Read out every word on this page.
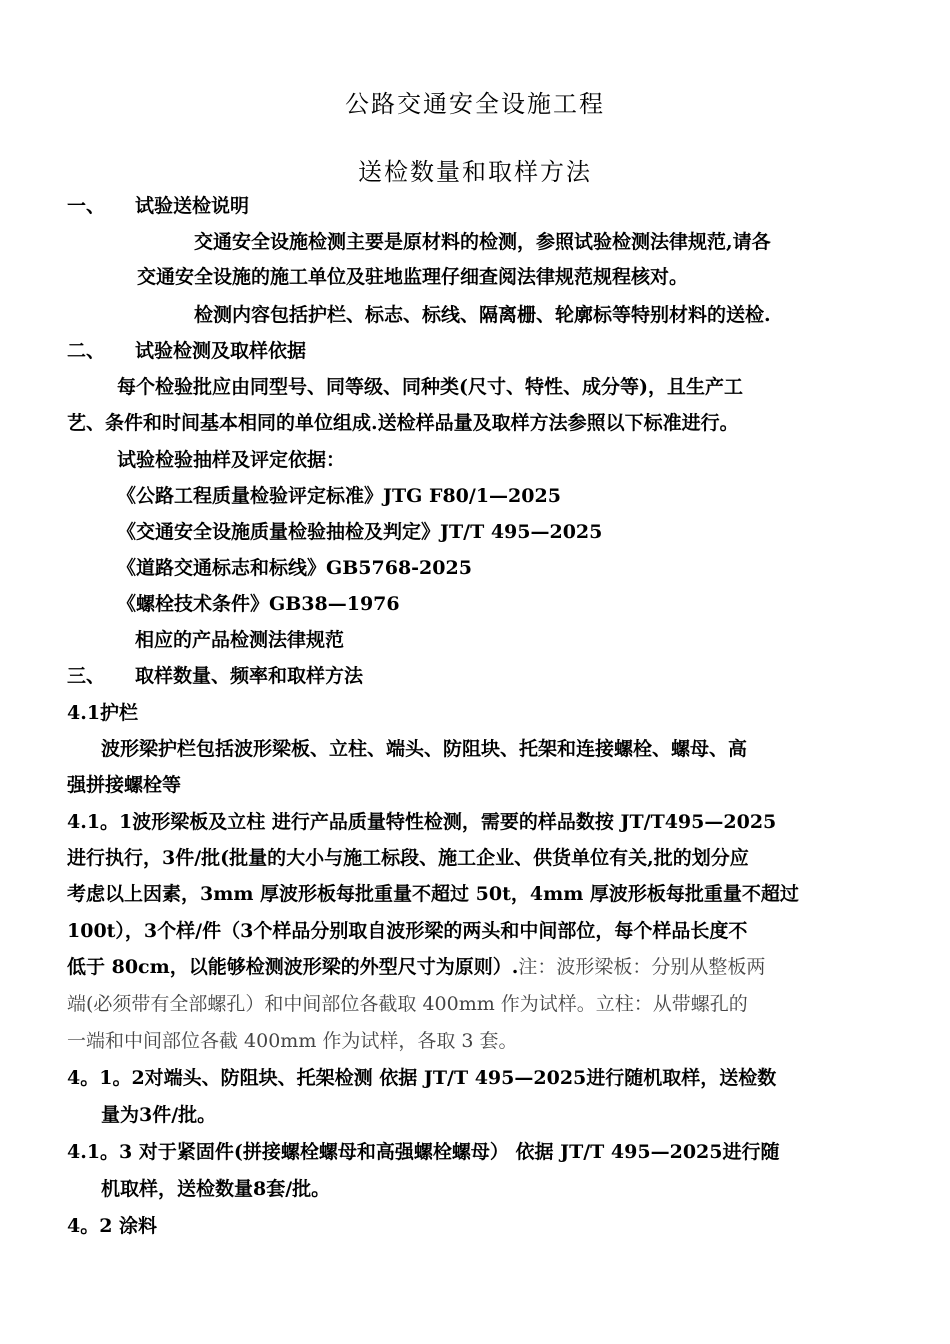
公路交通安全设施工程
送检数量和取样方法
一、 试验送检说明
交通安全设施检测主要是原材料的检测，参照试验检测法律规范,请各
交通安全设施的施工单位及驻地监理仔细查阅法律规范规程核对。
检测内容包括护栏、标志、标线、隔离栅、轮廓标等特别材料的送检.
二、 试验检测及取样依据
每个检验批应由同型号、同等级、同种类(尺寸、特性、成分等)，且生产工
艺、条件和时间基本相同的单位组成.送检样品量及取样方法参照以下标准进行。
试验检验抽样及评定依据：
《公路工程质量检验评定标准》JTG F80/1—2025
《交通安全设施质量检验抽检及判定》JT/T 495—2025
《道路交通标志和标线》GB5768-2025
《螺栓技术条件》GB38—1976
相应的产品检测法律规范
三、 取样数量、频率和取样方法
4.1护栏
波形梁护栏包括波形梁板、立柱、端头、防阻块、托架和连接螺栓、螺母、高
强拼接螺栓等
4.1。1波形梁板及立柱 进行产品质量特性检测，需要的样品数按 JT/T495—2025
进行执行，3件/批(批量的大小与施工标段、施工企业、供货单位有关,批的划分应
考虑以上因素，3mm 厚波形板每批重量不超过 50t，4mm 厚波形板每批重量不超过
100t），3个样/件（3个样品分别取自波形梁的两头和中间部位，每个样品长度不
低于 80cm，以能够检测波形梁的外型尺寸为原则）.注：波形梁板：分别从整板两
端(必须带有全部螺孔）和中间部位各截取 400mm 作为试样。立柱：从带螺孔的
一端和中间部位各截 400mm 作为试样，各取 3 套。
4。1。2对端头、防阻块、托架检测 依据 JT/T 495—2025进行随机取样，送检数
量为3件/批。
4.1。3 对于紧固件(拼接螺栓螺母和高强螺栓螺母） 依据 JT/T 495—2025进行随
机取样，送检数量8套/批。
4。2 涂料
